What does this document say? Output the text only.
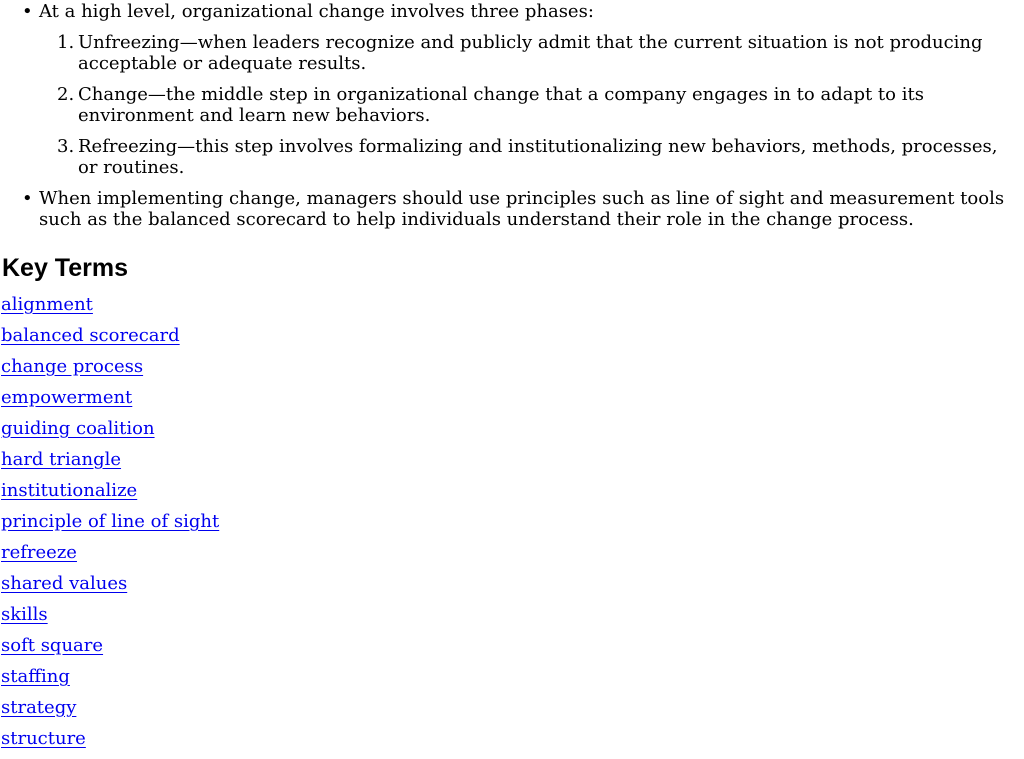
• At a high level, organizational change involves three phases:
1. Unfreezing—when leaders recognize and publicly admit that the current situation is not producing acceptable or adequate results.
2. Change—the middle step in organizational change that a company engages in to adapt to its environment and learn new behaviors.
3. Refreezing—this step involves formalizing and institutionalizing new behaviors, methods, processes, or routines.
• When implementing change, managers should use principles such as line of sight and measurement tools such as the balanced scorecard to help individuals understand their role in the change process.
Key Terms
alignment
balanced scorecard
change process
empowerment
guiding coalition
hard triangle
institutionalize
principle of line of sight
refreeze
shared values
skills
soft square
staffing
strategy
structure
